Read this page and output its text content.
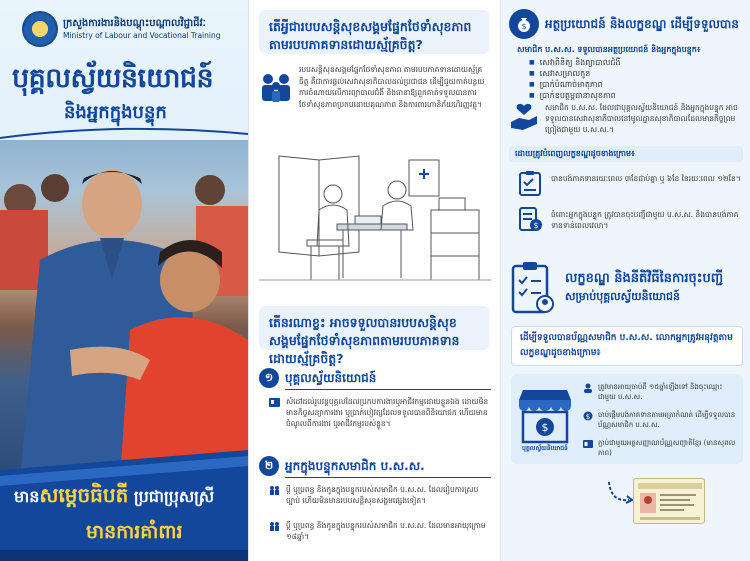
ក្រសួងការងារនិងបណ្តុះបណ្តាលវិជ្ជាជីវៈ
Ministry of Labour and Vocational Training
បុគ្គលស្វ័យនិយោជន៍
និងអ្នកក្នុងបន្ទុក
មានសម្តេចធិបតី ប្រជាប្រុសស្រី
មានការគាំពារ
តើអ្វីជារបបសន្តិសុខសង្គមផ្នែកថែទាំសុខភាពតាមរបបភាគទានដោយស្ម័គ្រចិត្ត?
របបសន្តិសុខសង្គមផ្នែកថែទាំសុខភាព តាមរបបភាគទានដោយស្ម័គ្រចិត្ត គឺជាការផ្តល់សេវាសុខាភិបាលដល់ប្រជាជន ដើម្បីជួយកាត់បន្ថយការចំណាយលើការព្យាបាលជំងឺ និងធានាឱ្យពួកគាត់ទទួលបានការថែទាំសុខភាពប្រកបដោយគុណភាព និងការពារហានិភ័យហិរញ្ញវត្ថុ។
តើនរណាខ្លះ អាចទទួលបានរបបសន្តិសុខសង្គមផ្នែកថែទាំសុខភាពតាមរបបភាគទានដោយស្ម័គ្រចិត្ត?
១ បុគ្គលស្វ័យនិយោជន៍
សំដៅដល់រូបវន្តបុគ្គលដែលប្រកបការងារឬអាជីវកម្មដោយខ្លួនឯង ដោយមិនមានកិច្ចសន្យាការងារ ឬប្រាក់បៀវត្សដែលទទួលបានពីនិយោជក ហើយមានចំណូលពីការងារ ឬអាជីវកម្មរបស់ខ្លួន។
២ អ្នកក្នុងបន្ទុកសមាជិក ប.ស.ស.
ប្តី ឬប្រពន្ធ និងកូនក្នុងបន្ទុករបស់សមាជិក ប.ស.ស. ដែលរៀបការស្របច្បាប់ ហើយមិនមានរបបសន្តិសុខសង្គមផ្សេងទៀត។
ប្តី ឬប្រពន្ធ និងកូនក្នុងបន្ទុករបស់សមាជិក ប.ស.ស. ដែលមានអាយុក្រោម ១៨ឆ្នាំ។
$ អត្ថប្រយោជន៍ និងលក្ខខណ្ឌ ដើម្បីទទួលបាន
សមាជិក ប.ស.ស. ទទួលបានអត្ថប្រយោជន៍ និងអ្នកក្នុងបន្ទុក៖
■ សេវាពិនិត្យ និងព្យាបាលជំងឺ
■ សេវាសម្រាលកូន
■ ប្រាក់បំណាច់មាតុភាព
■ ប្រាក់ឧបត្ថម្ភធានាសុខភាព
សមាជិក ប.ស.ស. ដែលជាបុគ្គលស្វ័យនិយោជន៍ និងអ្នកក្នុងបន្ទុក អាចទទួលបានសេវាសុខាភិបាលនៅមូលដ្ឋានសុខាភិបាលដែលមានកិច្ចព្រមព្រៀងជាមួយ ប.ស.ស.។
ដោយត្រូវបំពេញលក្ខខណ្ឌដូចខាងក្រោម៖
បានបង់ភាគទានរយៈពេល ៣ខែជាប់គ្នា ឬ ៦ខែ នៃរយៈពេល ១២ខែ។
$
ចំពោះអ្នកក្នុងបន្ទុក ត្រូវបានចុះបញ្ជីជាមួយ ប.ស.ស. និងបានបង់ភាគទានទាន់ពេលវេលា។
លក្ខខណ្ឌ និងនីតិវិធីនៃការចុះបញ្ជី
សម្រាប់បុគ្គលស្វ័យនិយោជន៍
ដើម្បីទទួលបានប័ណ្ណសមាជិក ប.ស.ស. លោកអ្នកត្រូវអនុវត្តតាមលក្ខខណ្ឌដូចខាងក្រោម៖
$
បុគ្គលស្វ័យនិយោជន៍
ត្រូវមានអាយុចាប់ពី ១៥ឆ្នាំឡើងទៅ និងចុះឈ្មោះជាមួយ ប.ស.ស.
$ ចាប់ផ្តើមបង់ភាគទានតាមអត្រាកំណត់ ដើម្បីទទួលបានប័ណ្ណសមាជិក ប.ស.ស.
ភ្ជាប់ជាមួយអត្តសញ្ញាណប័ណ្ណសញ្ជាតិខ្មែរ (មានសុពលភាព)
